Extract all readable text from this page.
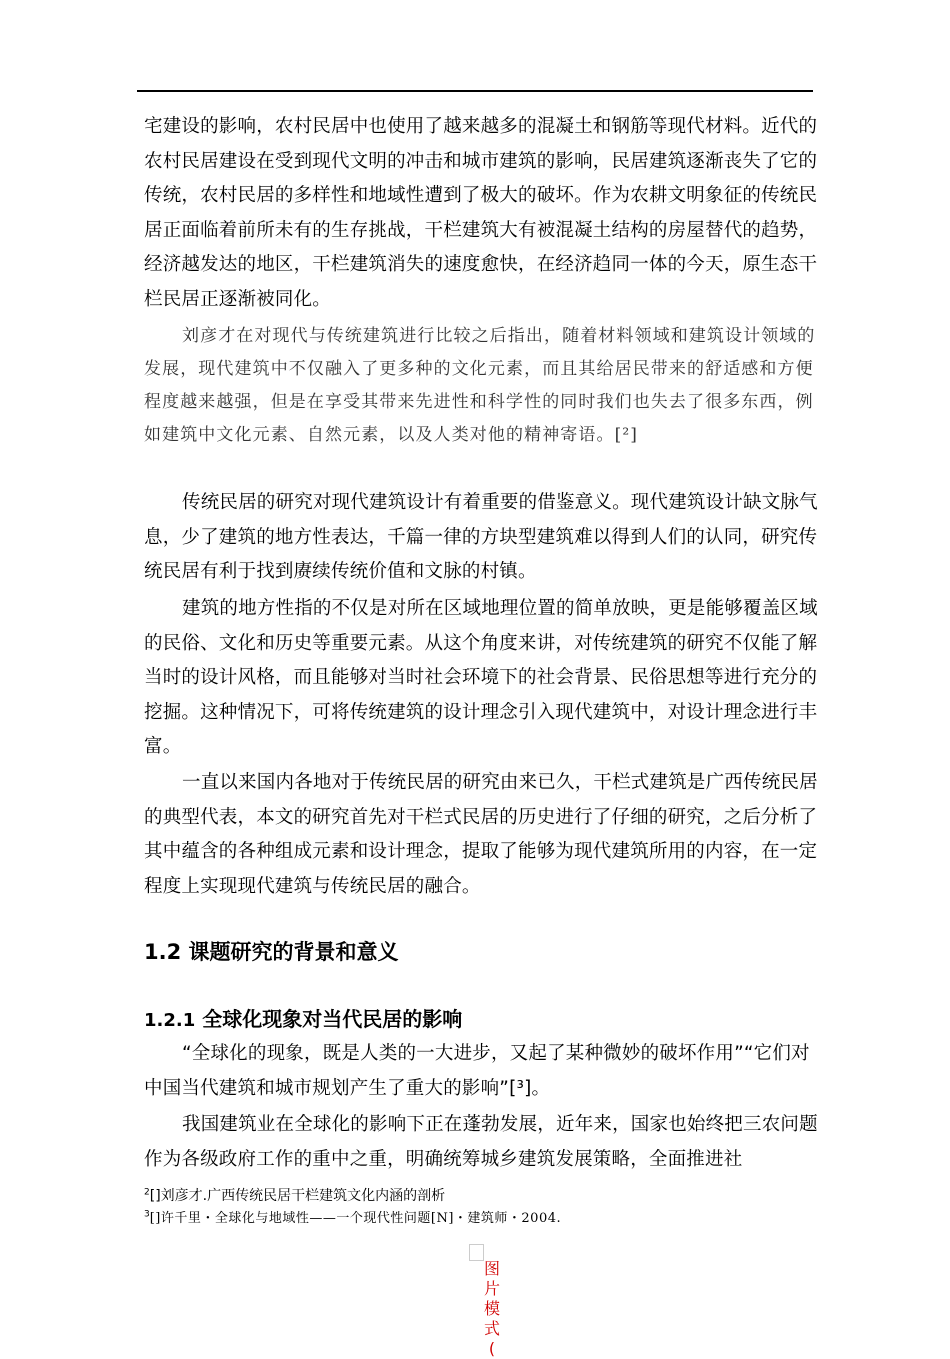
宅建设的影响，农村民居中也使用了越来越多的混凝土和钢筋等现代材料。近代的农村民居建设在受到现代文明的冲击和城市建筑的影响，民居建筑逐渐丧失了它的传统，农村民居的多样性和地域性遭到了极大的破坏。作为农耕文明象征的传统民居正面临着前所未有的生存挑战，干栏建筑大有被混凝土结构的房屋替代的趋势，经济越发达的地区，干栏建筑消失的速度愈快，在经济趋同一体的今天，原生态干栏民居正逐渐被同化。

刘彦才在对现代与传统建筑进行比较之后指出，随着材料领域和建筑设计领域的发展，现代建筑中不仅融入了更多种的文化元素，而且其给居民带来的舒适感和方便程度越来越强，但是在享受其带来先进性和科学性的同时我们也失去了很多东西，例如建筑中文化元素、自然元素，以及人类对他的精神寄语。[²]

传统民居的研究对现代建筑设计有着重要的借鉴意义。现代建筑设计缺文脉气息，少了建筑的地方性表达，千篇一律的方块型建筑难以得到人们的认同，研究传统民居有利于找到赓续传统价值和文脉的村镇。

建筑的地方性指的不仅是对所在区域地理位置的简单放映，更是能够覆盖区域的民俗、文化和历史等重要元素。从这个角度来讲，对传统建筑的研究不仅能了解当时的设计风格，而且能够对当时社会环境下的社会背景、民俗思想等进行充分的挖掘。这种情况下，可将传统建筑的设计理念引入现代建筑中，对设计理念进行丰富。

一直以来国内各地对于传统民居的研究由来已久，干栏式建筑是广西传统民居的典型代表，本文的研究首先对干栏式民居的历史进行了仔细的研究，之后分析了其中蕴含的各种组成元素和设计理念，提取了能够为现代建筑所用的内容，在一定程度上实现现代建筑与传统民居的融合。

1.2 课题研究的背景和意义
1.2.1 全球化现象对当代民居的影响

“全球化的现象，既是人类的一大进步，又起了某种微妙的破坏作用”“它们对中国当代建筑和城市规划产生了重大的影响”[³]。

我国建筑业在全球化的影响下正在蓬勃发展，近年来，国家也始终把三农问题作为各级政府工作的重中之重，明确统筹城乡建筑发展策略，全面推进社

$^2$[]刘彦才.广西传统民居干栏建筑文化内涵的剖析

$^3$[]许千里・全球化与地域性——一个现代性问题[N]・建筑师・2004.

图
片
模
式
(
